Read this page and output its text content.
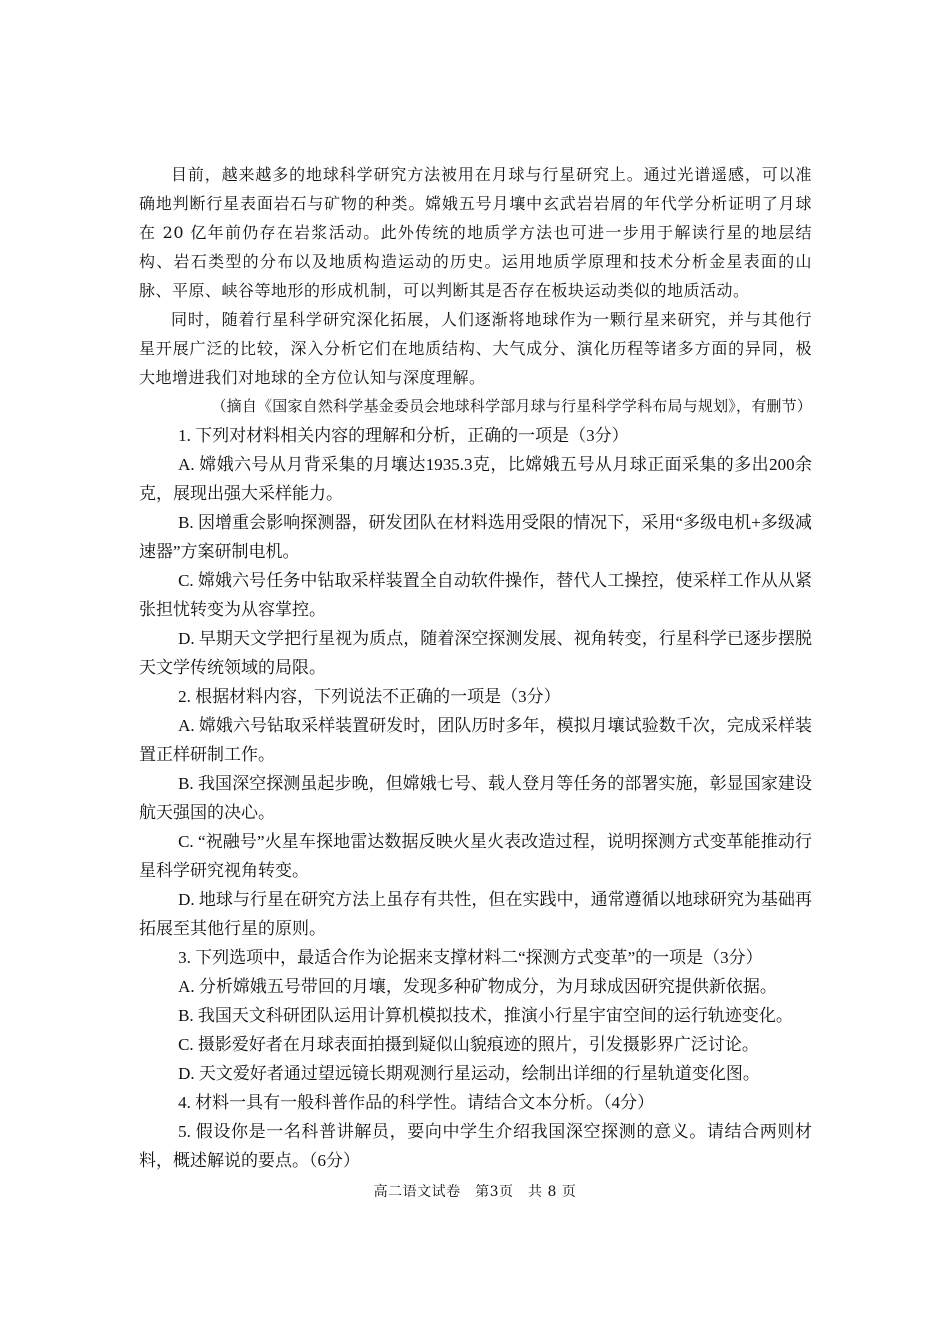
目前，越来越多的地球科学研究方法被用在月球与行星研究上。通过光谱遥感，可以准确地判断行星表面岩石与矿物的种类。嫦娥五号月壤中玄武岩岩屑的年代学分析证明了月球在 20 亿年前仍存在岩浆活动。此外传统的地质学方法也可进一步用于解读行星的地层结构、岩石类型的分布以及地质构造运动的历史。运用地质学原理和技术分析金星表面的山脉、平原、峡谷等地形的形成机制，可以判断其是否存在板块运动类似的地质活动。

同时，随着行星科学研究深化拓展，人们逐渐将地球作为一颗行星来研究，并与其他行星开展广泛的比较，深入分析它们在地质结构、大气成分、演化历程等诸多方面的异同，极大地增进我们对地球的全方位认知与深度理解。

（摘自《国家自然科学基金委员会地球科学部月球与行星科学学科布局与规划》，有删节）

1. 下列对材料相关内容的理解和分析，正确的一项是（3分）

A. 嫦娥六号从月背采集的月壤达1935.3克，比嫦娥五号从月球正面采集的多出200余克，展现出强大采样能力。

B. 因增重会影响探测器，研发团队在材料选用受限的情况下，采用“多级电机+多级减速器”方案研制电机。

C. 嫦娥六号任务中钻取采样装置全自动软件操作，替代人工操控，使采样工作从从紧张担忧转变为从容掌控。

D. 早期天文学把行星视为质点，随着深空探测发展、视角转变，行星科学已逐步摆脱天文学传统领域的局限。

2. 根据材料内容，下列说法不正确的一项是（3分）

A. 嫦娥六号钻取采样装置研发时，团队历时多年，模拟月壤试验数千次，完成采样装置正样研制工作。

B. 我国深空探测虽起步晚，但嫦娥七号、载人登月等任务的部署实施，彰显国家建设航天强国的决心。

C. “祝融号”火星车探地雷达数据反映火星火表改造过程，说明探测方式变革能推动行星科学研究视角转变。

D. 地球与行星在研究方法上虽存有共性，但在实践中，通常遵循以地球研究为基础再拓展至其他行星的原则。

3. 下列选项中，最适合作为论据来支撑材料二“探测方式变革”的一项是（3分）

A. 分析嫦娥五号带回的月壤，发现多种矿物成分，为月球成因研究提供新依据。

B. 我国天文科研团队运用计算机模拟技术，推演小行星宇宙空间的运行轨迹变化。

C. 摄影爱好者在月球表面拍摄到疑似山貌痕迹的照片，引发摄影界广泛讨论。

D. 天文爱好者通过望远镜长期观测行星运动，绘制出详细的行星轨道变化图。

4. 材料一具有一般科普作品的科学性。请结合文本分析。（4分）

5. 假设你是一名科普讲解员，要向中学生介绍我国深空探测的意义。请结合两则材料，概述解说的要点。（6分）

高二语文试卷　第3页　共 8 页
